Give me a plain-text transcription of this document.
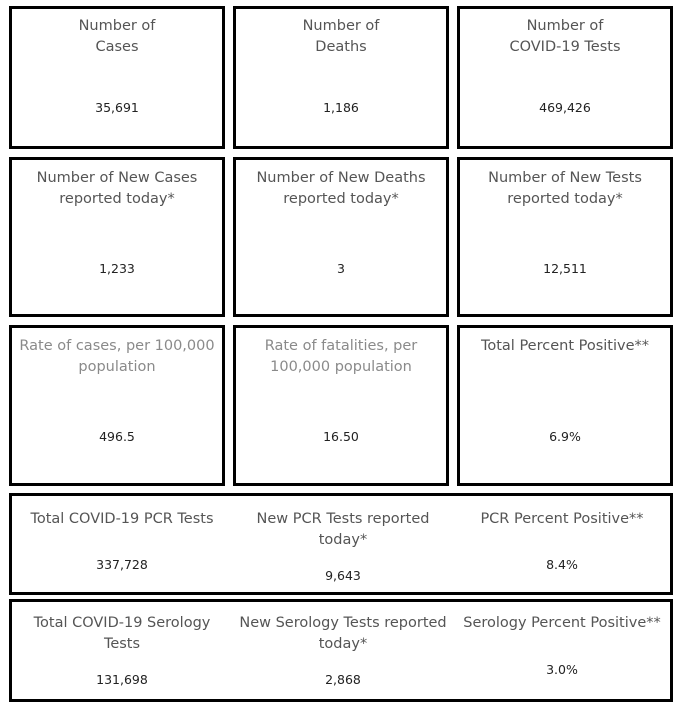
Number of
Cases
35,691
Number of
Deaths
1,186
Number of
COVID-19 Tests
469,426
Number of New Cases
reported today*
1,233
Number of New Deaths
reported today*
3
Number of New Tests
reported today*
12,511
Rate of cases, per 100,000
population
496.5
Rate of fatalities, per
100,000 population
16.50
Total Percent Positive**
6.9%
Total COVID-19 PCR Tests
337,728
New PCR Tests reported
today*
9,643
PCR Percent Positive**
8.4%
Total COVID-19 Serology
Tests
131,698
New Serology Tests reported
today*
2,868
Serology Percent Positive**
3.0%
